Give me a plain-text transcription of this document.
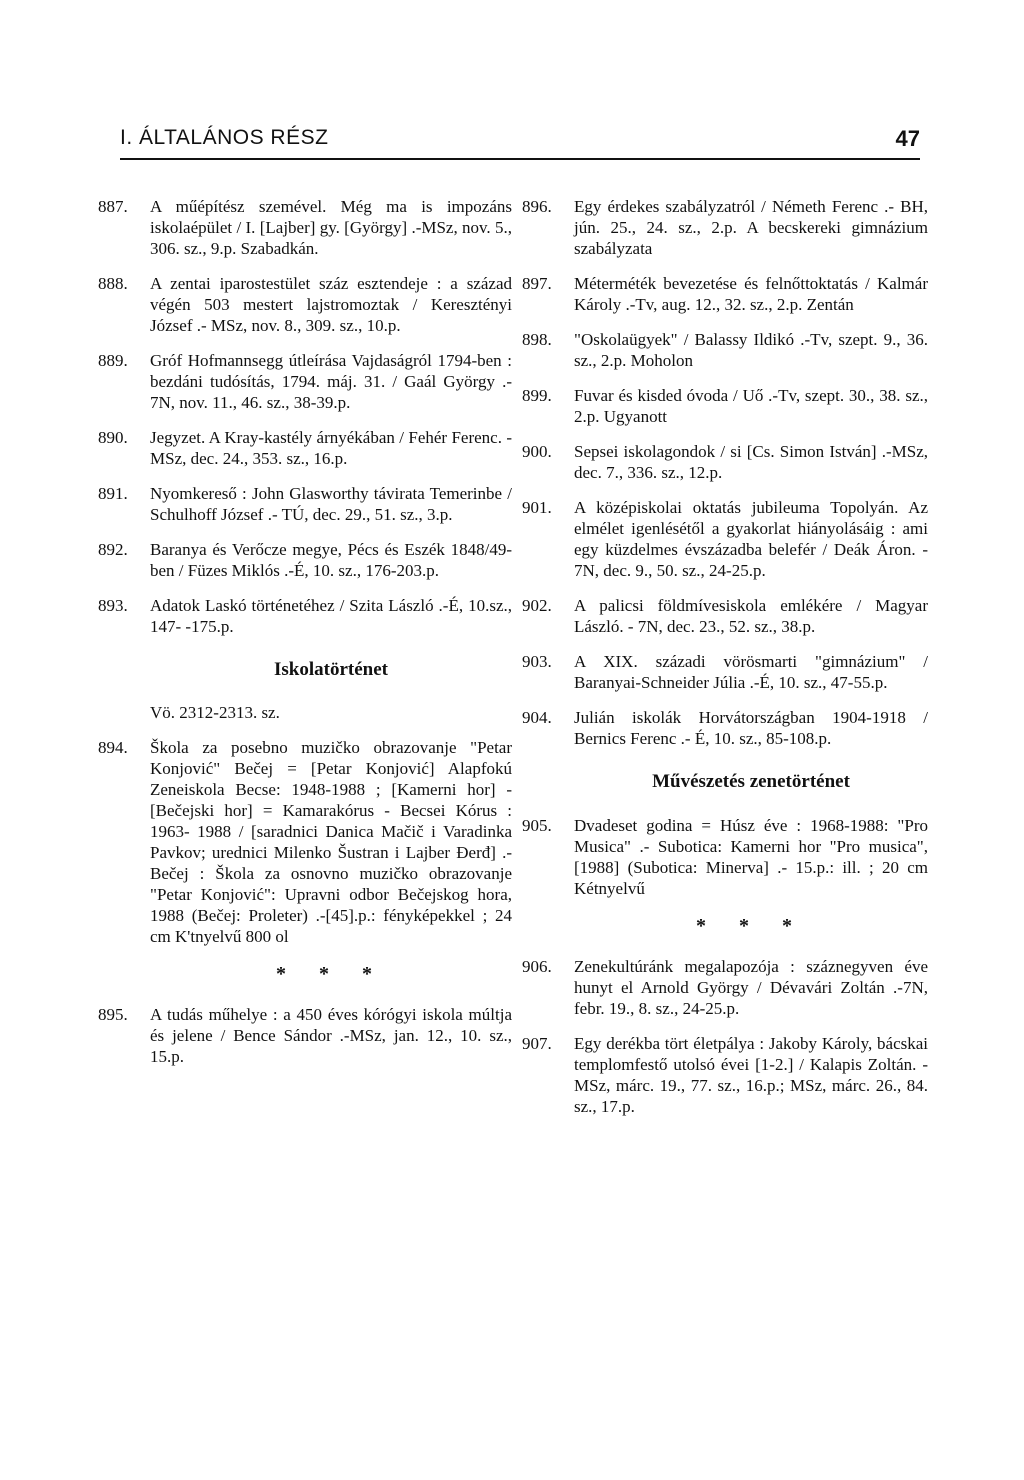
I. ÁLTALÁNOS RÉSZ	47
887.	A műépítész szemével. Még ma is impozáns iskolaépület / I. [Lajber] gy. [György] .-MSz, nov. 5., 306. sz., 9.p. Szabadkán.
888.	A zentai iparostestület száz esztendeje : a század végén 503 mestert lajstromoztak / Keresztényi József .- MSz, nov. 8., 309. sz., 10.p.
889.	Gróf Hofmannsegg útleírása Vajdaságról 1794-ben : bezdáni tudósítás, 1794. máj. 31. / Gaál György .- 7N, nov. 11., 46. sz., 38-39.p.
890.	Jegyzet. A Kray-kastély árnyékában / Fehér Ferenc. - MSz, dec. 24., 353. sz., 16.p.
891.	Nyomkereső : John Glasworthy távirata Temerinbe / Schulhoff József .- TÚ, dec. 29., 51. sz., 3.p.
892.	Baranya és Verőcze megye, Pécs és Eszék 1848/49-ben / Füzes Miklós .-É, 10. sz., 176-203.p.
893.	Adatok Laskó történetéhez / Szita László .-É, 10.sz., 147- -175.p.
Iskolatörténet
Vö. 2312-2313. sz.
894.	Škola za posebno muzičko obrazovanje "Petar Konjović" Bečej = [Petar Konjović] Alapfokú Zeneiskola Becse: 1948-1988 ; [Kamerni hor] - [Bečejski hor] = Kamarakórus - Becsei Kórus : 1963- 1988 / [saradnici Danica Mačič i Varadinka Pavkov; urednici Milenko Šustran i Lajber Đerđ] .-Bečej : Škola za osnovno muzičko obrazovanje "Petar Konjović": Upravni odbor Bečejskog hora, 1988 (Bečej: Proleter) .-[45].p.: fényképekkel ; 24 cm K'tnyelvű 800 ol
* * *
895.	A tudás műhelye : a 450 éves kórógyi iskola múltja és jelene / Bence Sándor .-MSz, jan. 12., 10. sz., 15.p.
896.	Egy érdekes szabályzatról / Németh Ferenc .- BH, jún. 25., 24. sz., 2.p. A becskereki gimnázium szabályzata
897.	Méterméték bevezetése és felnőttoktatás / Kalmár Károly .-Tv, aug. 12., 32. sz., 2.p. Zentán
898.	"Oskolaügyek" / Balassy Ildikó .-Tv, szept. 9., 36. sz., 2.p. Moholon
899.	Fuvar és kisded óvoda / Uő .-Tv, szept. 30., 38. sz., 2.p. Ugyanott
900.	Sepsei iskolagondok / si [Cs. Simon István] .-MSz, dec. 7., 336. sz., 12.p.
901.	A középiskolai oktatás jubileuma Topolyán. Az elmélet igenlésétől a gyakorlat hiányolásáig : ami egy küzdelmes évszázadba belefér / Deák Áron. - 7N, dec. 9., 50. sz., 24-25.p.
902.	A palicsi földmívesiskola emlékére / Magyar László. - 7N, dec. 23., 52. sz., 38.p.
903.	A XIX. századi vörösmarti "gimnázium" / Baranyai-Schneider Júlia .-É, 10. sz., 47-55.p.
904.	Julián iskolák Horvátországban 1904-1918 / Bernics Ferenc .- É, 10. sz., 85-108.p.
Művészetés zenetörténet
905.	Dvadeset godina = Húsz éve : 1968-1988: "Pro Musica" .- Subotica: Kamerni hor "Pro musica", [1988] (Subotica: Minerva] .- 15.p.: ill. ; 20 cm Kétnyelvű
* * *
906.	Zenekultúránk megalapozója : száznegyven éve hunyt el Arnold György / Dévavári Zoltán .-7N, febr. 19., 8. sz., 24-25.p.
907.	Egy derékba tört életpálya : Jakoby Károly, bácskai templomfestő utolsó évei [1-2.] / Kalapis Zoltán. - MSz, márc. 19., 77. sz., 16.p.; MSz, márc. 26., 84. sz., 17.p.
